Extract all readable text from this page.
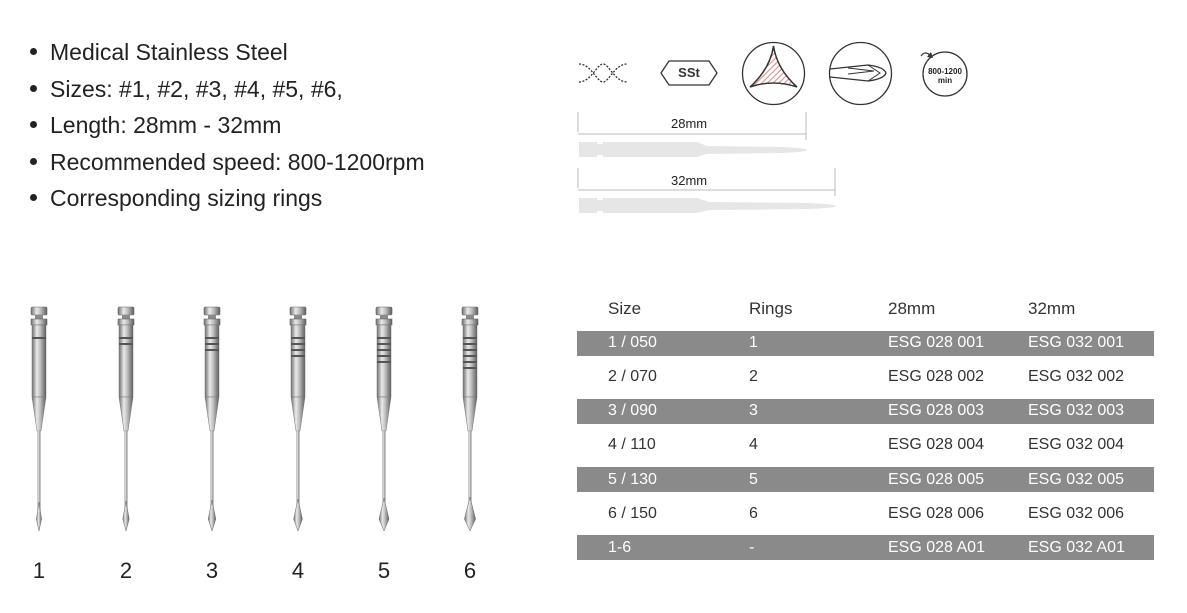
Medical Stainless Steel
Sizes: #1, #2, #3, #4, #5, #6,
Length: 28mm - 32mm
Recommended speed: 800-1200rpm
Corresponding sizing rings
SSt	800-1200
min
28mm
32mm
Size	Rings	28mm	32mm
1 / 050	1	ESG 028 001	ESG 032 001
2 / 070	2	ESG 028 002	ESG 032 002
3 / 090	3	ESG 028 003	ESG 032 003
4 / 110	4	ESG 028 004	ESG 032 004
5 / 130	5	ESG 028 005	ESG 032 005
6 / 150	6	ESG 028 006	ESG 032 006
1-6	-	ESG 028 A01	ESG 032 A01
1	2	3	4	5	6
